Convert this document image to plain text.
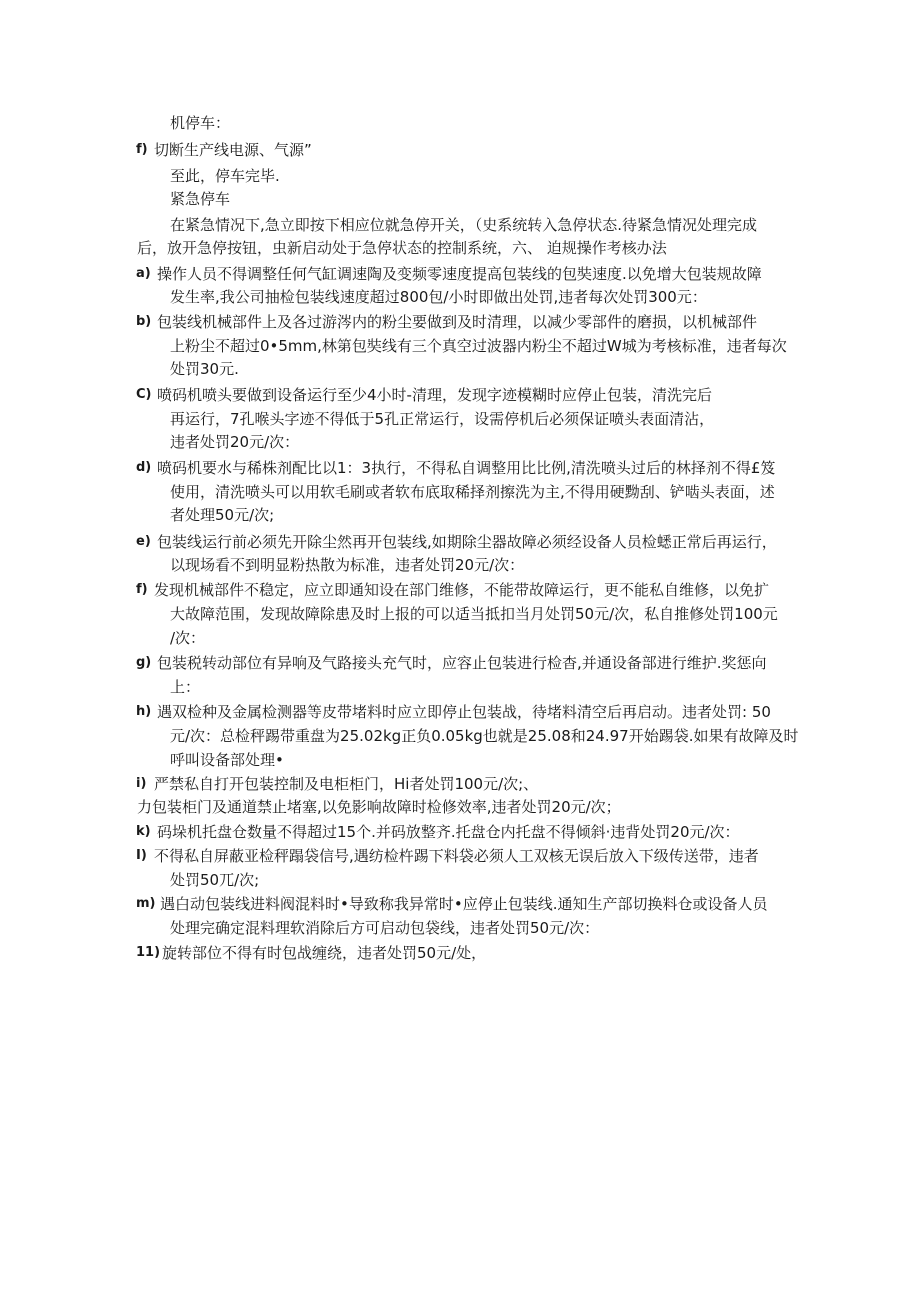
机停车：
f) 切断生产线电源、气源”
至此，停车完毕.
紧急停车
在紧急情况下,急立即按下相应位就急停开关，（史系统转入急停状态.待紧急情况处理完成
后，放开急停按钮，虫新启动处于急停状态的控制系统，六、 迫规操作考核办法
a) 操作人员不得调整任何气缸调速陶及变频零速度提高包装线的包奘速度.以免增大包装规故障
发生率,我公司抽检包装线速度超过800包/小时即做出处罚,违者每次处罚300元：
b) 包装线机械部件上及各过游涔内的粉尘要做到及时清理，以减少零部件的磨损，以机械部件
上粉尘不超过0•5mm,林第包奘线有三个真空过波器内粉尘不超过W城为考核标准，违者每次
处罚30元.
C) 喷码机喷头要做到设备运行至少4小时-清理，发现字迹模糊时应停止包装，清洗完后
再运行，7孔喉头字迹不得低于5孔正常运行，设需停机后必须保证喷头表面清沾，
违者处罚20元/次：
d) 喷码机要水与稀株剂配比以1：3执行，不得私自调整用比比例,清洗喷头过后的林择剂不得£笈
使用，清洗喷头可以用软毛刷或者软布底取稀择剂擦洗为主,不得用硬黝刮、铲啮头表面，述
者处理50元/次;
e) 包装线运行前必须先开除尘然再开包装线,如期除尘器故障必须经设备人员检蟋正常后再运行，
以现场看不到明显粉热散为标准，违者处罚20元/次：
f) 发现机械部件不稳定，应立即通知设在部门维修，不能带故障运行，更不能私自维修，以免扩
大故障范围，发现故障除患及时上报的可以适当抵扣当月处罚50元/次，私自推修处罚100元
/次：
g) 包装税转动部位有异响及气路接头充气时，应容止包装进行检杳,并通设备部进行维护.奖惩向
上：
h) 遇双检种及金属检测器等皮带堵料时应立即停止包装战，待堵料清空后再启动。违者处罚: 50
元/次：总检秤踢带重盘为25.02kg正负0.05kg也就是25.08和24.97开始踢袋.如果有故障及时
呼叫设备部处理•
i) 严禁私自打开包装控制及电柜柜门，Hi者处罚100元/次;、
力包装柜门及通道禁止堵塞,以免影响故障时检修效率,违者处罚20元/次；
k) 码垛机托盘仓数量不得超过15个.并码放整齐.托盘仓内托盘不得倾斜·违背处罚20元/次：
I) 不得私自屏蔽亚检秤蹋袋信号,遇纺检杵踢下料袋必须人工双核无误后放入下级传送带，违者
处罚50兀/次;
m) 遇白动包装线进料阀混料时•导致称我异常时•应停止包装线.通知生产部切换料仓或设备人员
处理完确定混料理软消除后方可启动包袋线，违者处罚50元/次：
11) 旋转部位不得有时包战缠绕，违者处罚50元/处，
